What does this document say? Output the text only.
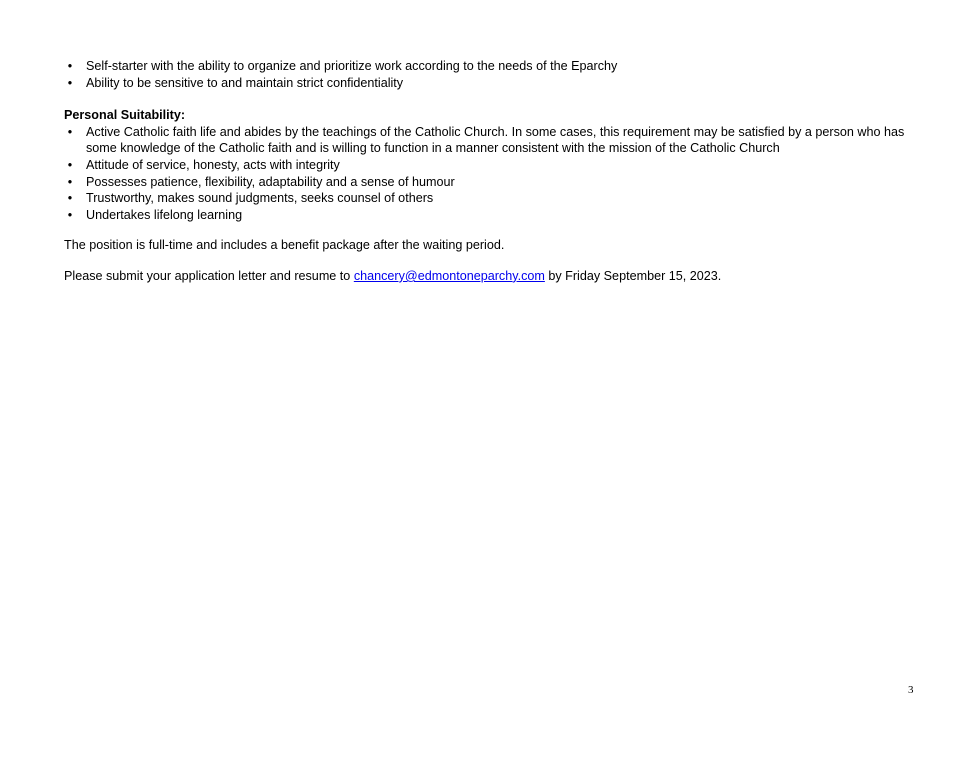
•	Self-starter with the ability to organize and prioritize work according to the needs of the Eparchy
•	Ability to be sensitive to and maintain strict confidentiality
Personal Suitability:
•	Active Catholic faith life and abides by the teachings of the Catholic Church. In some cases, this requirement may be satisfied by a person who has some knowledge of the Catholic faith and is willing to function in a manner consistent with the mission of the Catholic Church
•	Attitude of service, honesty, acts with integrity
•	Possesses patience, flexibility, adaptability and a sense of humour
•	Trustworthy, makes sound judgments, seeks counsel of others
•	Undertakes lifelong learning

The position is full-time and includes a benefit package after the waiting period.

Please submit your application letter and resume to chancery@edmontoneparchy.com by Friday September 15, 2023.

3
